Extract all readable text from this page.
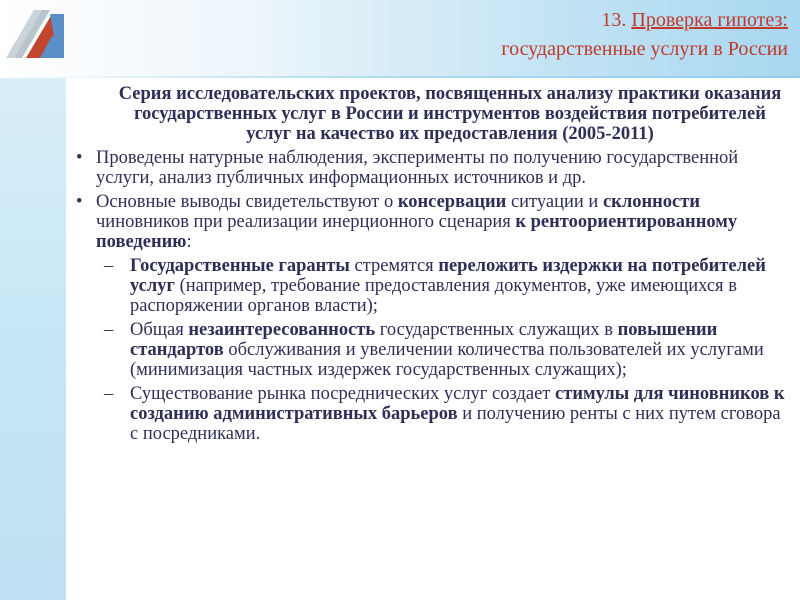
13. Проверка гипотез:
государственные услуги в России
Серия исследовательских проектов, посвященных анализу практики оказания государственных услуг в России и инструментов воздействия потребителей услуг на качество их предоставления (2005-2011)
• Проведены натурные наблюдения, эксперименты по получению государственной услуги, анализ публичных информационных источников и др.
• Основные выводы свидетельствуют о консервации ситуации и склонности чиновников при реализации инерционного сценария к рентоориентированному поведению:
– Государственные гаранты стремятся переложить издержки на потребителей услуг (например, требование предоставления документов, уже имеющихся в распоряжении органов власти);
– Общая незаинтересованность государственных служащих в повышении стандартов обслуживания и увеличении количества пользователей их услугами (минимизация частных издержек государственных служащих);
– Существование рынка посреднических услуг создает стимулы для чиновников к созданию административных барьеров и получению ренты с них путем сговора с посредниками.
